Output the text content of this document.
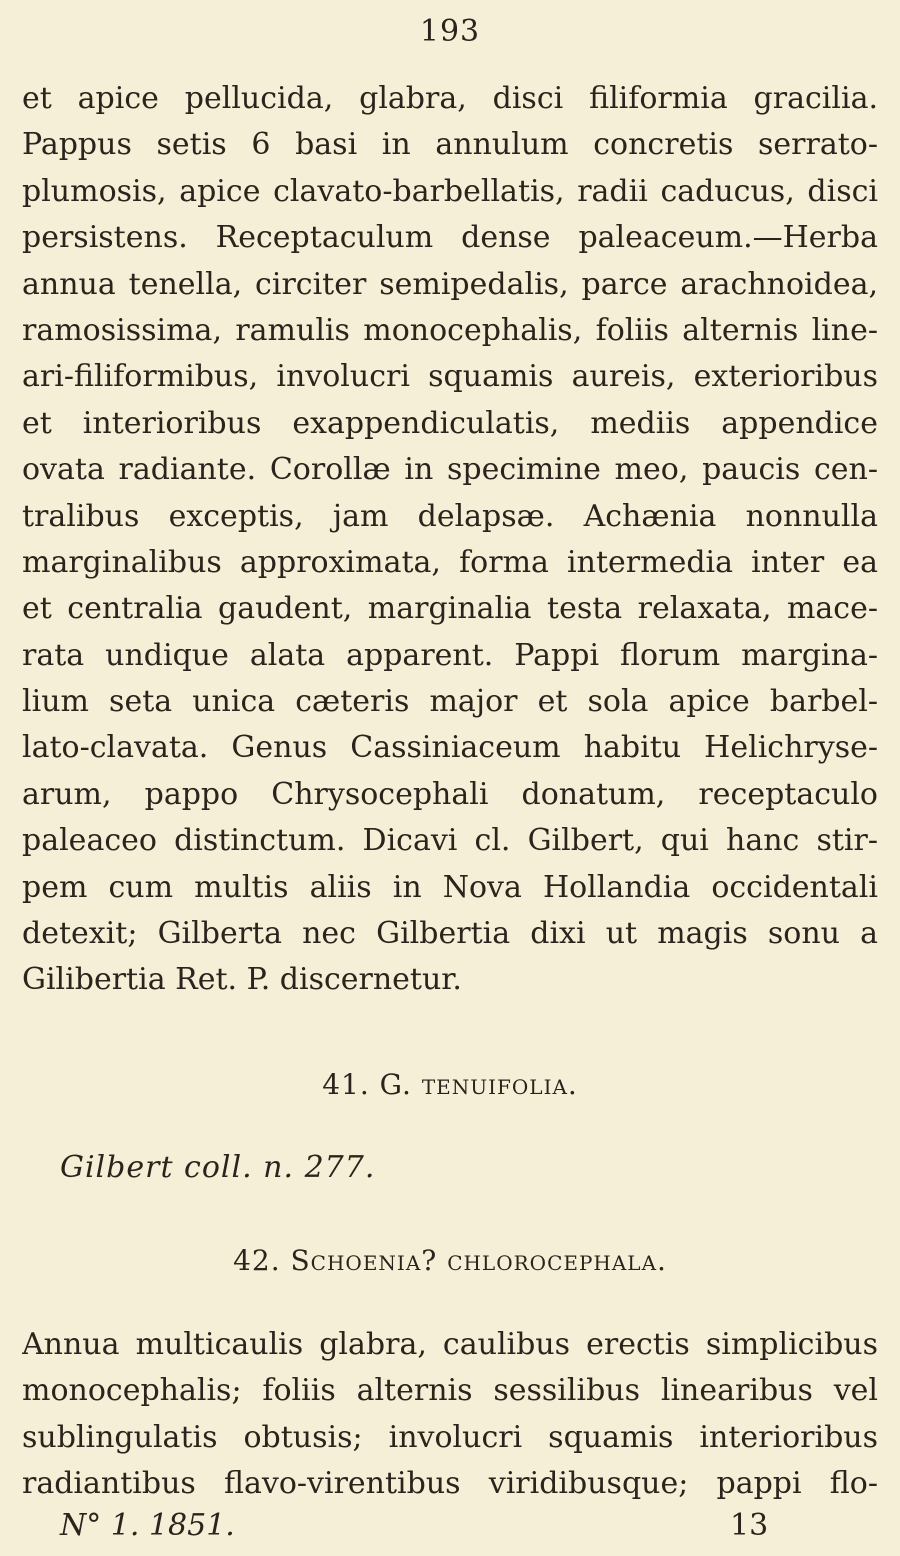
193
et apice pellucida, glabra, disci filiformia gracilia.
Pappus setis 6 basi in annulum concretis serrato-
plumosis, apice clavato-barbellatis, radii caducus, disci
persistens. Receptaculum dense paleaceum.—Herba
annua tenella, circiter semipedalis, parce arachnoidea,
ramosissima, ramulis monocephalis, foliis alternis line-
ari-filiformibus, involucri squamis aureis, exterioribus
et interioribus exappendiculatis, mediis appendice
ovata radiante. Corollæ in specimine meo, paucis cen-
tralibus exceptis, jam delapsæ. Achænia nonnulla
marginalibus approximata, forma intermedia inter ea
et centralia gaudent, marginalia testa relaxata, mace-
rata undique alata apparent. Pappi florum margina-
lium seta unica cæteris major et sola apice barbel-
lato-clavata. Genus Cassiniaceum habitu Helichryse-
arum, pappo Chrysocephali donatum, receptaculo
paleaceo distinctum. Dicavi cl. Gilbert, qui hanc stir-
pem cum multis aliis in Nova Hollandia occidentali
detexit; Gilberta nec Gilbertia dixi ut magis sonu a
Gilibertia Ret. P. discernetur.
41. G. tenuifolia.
Gilbert coll. n. 277.
42. Schoenia? chlorocephala.
Annua multicaulis glabra, caulibus erectis simplicibus
monocephalis; foliis alternis sessilibus linearibus vel
sublingulatis obtusis; involucri squamis interioribus
radiantibus flavo-virentibus viridibusque; pappi flo-
N° 1. 1851.	13
